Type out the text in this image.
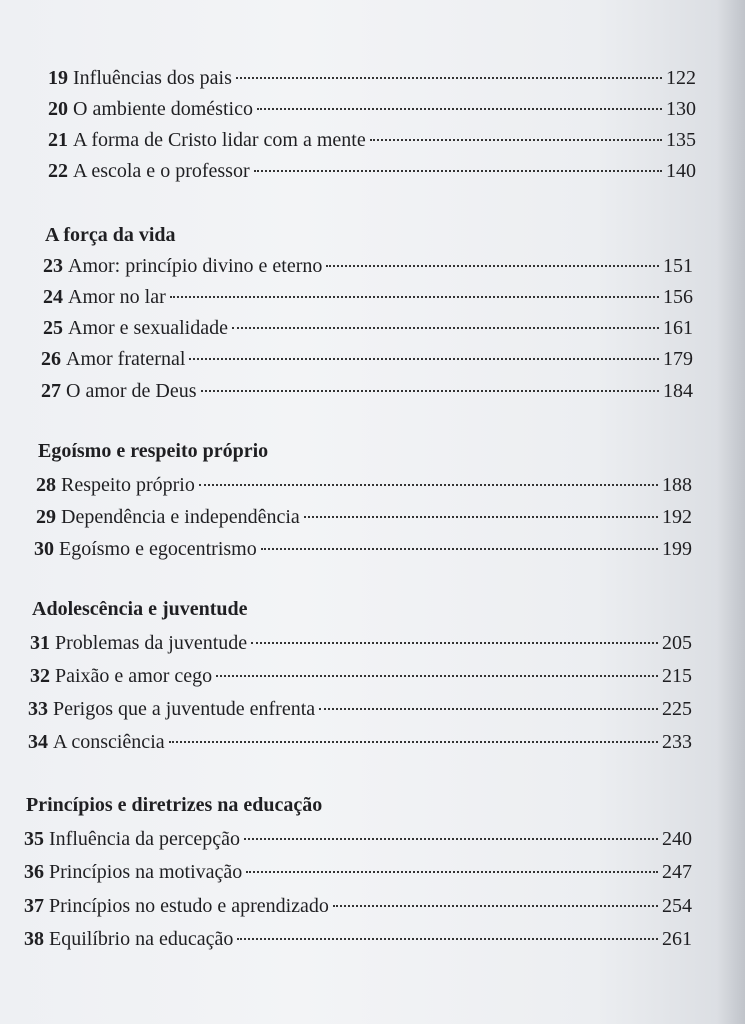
19 Influências dos pais	122
20 O ambiente doméstico	130
21 A forma de Cristo lidar com a mente	135
22 A escola e o professor	140
A força da vida
23 Amor: princípio divino e eterno	151
24 Amor no lar	156
25 Amor e sexualidade	161
26 Amor fraternal	179
27 O amor de Deus	184
Egoísmo e respeito próprio
28 Respeito próprio	188
29 Dependência e independência	192
30 Egoísmo e egocentrismo	199
Adolescência e juventude
31 Problemas da juventude	205
32 Paixão e amor cego	215
33 Perigos que a juventude enfrenta	225
34 A consciência	233
Princípios e diretrizes na educação
35 Influência da percepção	240
36 Princípios na motivação	247
37 Princípios no estudo e aprendizado	254
38 Equilíbrio na educação	261
